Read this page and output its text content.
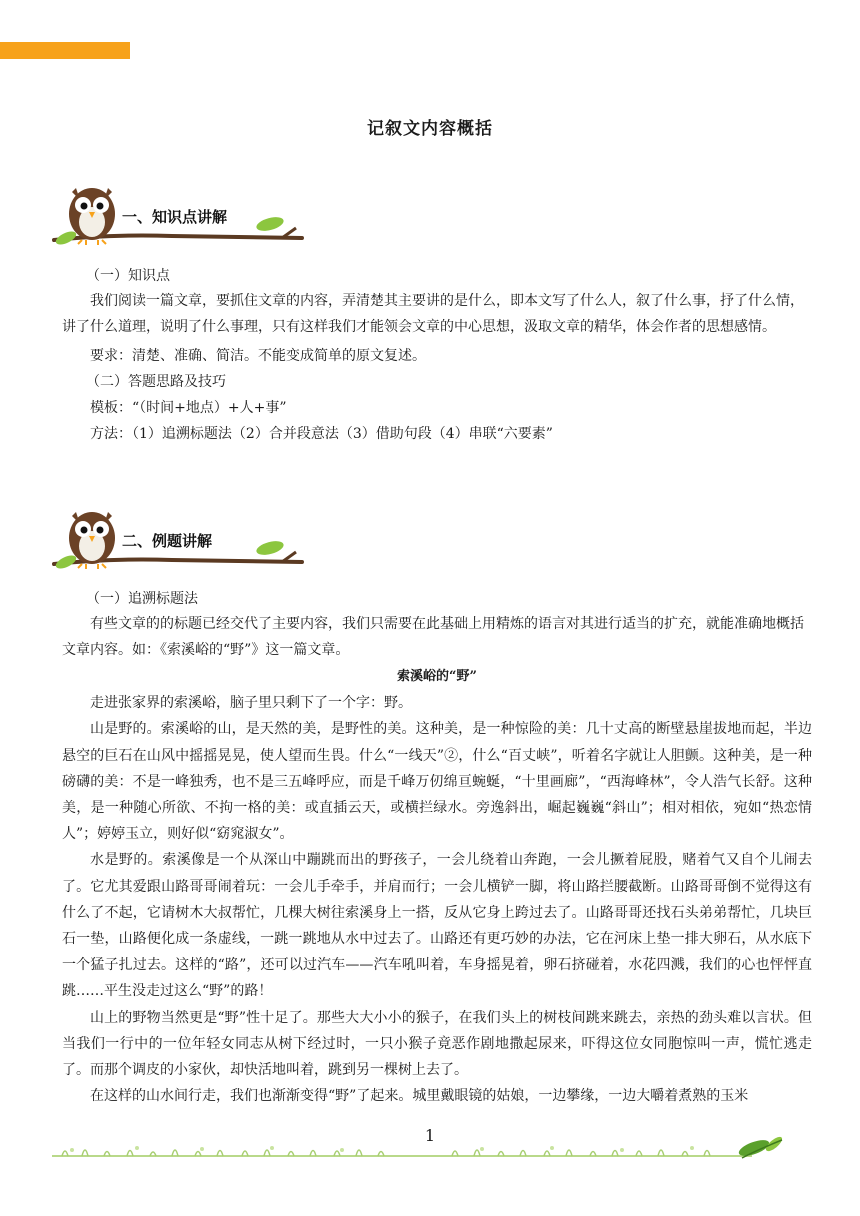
记叙文内容概括
一、知识点讲解

（一）知识点

我们阅读一篇文章，要抓住文章的内容，弄清楚其主要讲的是什么，即本文写了什么人，叙了什么事，抒了什么情，讲了什么道理，说明了什么事理，只有这样我们才能领会文章的中心思想，汲取文章的精华，体会作者的思想感情。

要求：清楚、准确、简洁。不能变成简单的原文复述。

（二）答题思路及技巧

模板：“（时间+地点）+人+事”

方法：（1）追溯标题法（2）合并段意法（3）借助句段（4）串联“六要素”

二、例题讲解

（一）追溯标题法

有些文章的的标题已经交代了主要内容，我们只需要在此基础上用精炼的语言对其进行适当的扩充，就能准确地概括文章内容。如：《索溪峪的“野”》这一篇文章。

索溪峪的“野”

走进张家界的索溪峪，脑子里只剩下了一个字：野。

山是野的。索溪峪的山，是天然的美，是野性的美。这种美，是一种惊险的美：几十丈高的断壁悬崖拔地而起，半边悬空的巨石在山风中摇摇晃晃，使人望而生畏。什么“一线天”②，什么“百丈峡”，听着名字就让人胆颤。这种美，是一种磅礴的美：不是一峰独秀，也不是三五峰呼应，而是千峰万仞绵亘蜿蜒，“十里画廊”，“西海峰林”，令人浩气长舒。这种美，是一种随心所欲、不拘一格的美：或直插云天，或横拦绿水。旁逸斜出，崛起巍巍“斜山”；相对相依，宛如“热恋情人”；婷婷玉立，则好似“窈窕淑女”。

水是野的。索溪像是一个从深山中蹦跳而出的野孩子，一会儿绕着山奔跑，一会儿撅着屁股，赌着气又自个儿闹去了。它尤其爱跟山路哥哥闹着玩：一会儿手牵手，并肩而行；一会儿横铲一脚，将山路拦腰截断。山路哥哥倒不觉得这有什么了不起，它请树木大叔帮忙，几棵大树往索溪身上一搭，反从它身上跨过去了。山路哥哥还找石头弟弟帮忙，几块巨石一垫，山路便化成一条虚线，一跳一跳地从水中过去了。山路还有更巧妙的办法，它在河床上垫一排大卵石，从水底下一个猛子扎过去。这样的“路”，还可以过汽车——汽车吼叫着，车身摇晃着，卵石挤碰着，水花四溅，我们的心也怦怦直跳……平生没走过这么“野”的路！

山上的野物当然更是“野”性十足了。那些大大小小的猴子，在我们头上的树枝间跳来跳去，亲热的劲头难以言状。但当我们一行中的一位年轻女同志从树下经过时，一只小猴子竟恶作剧地撒起尿来，吓得这位女同胞惊叫一声，慌忙逃走了。而那个调皮的小家伙，却快活地叫着，跳到另一棵树上去了。

在这样的山水间行走，我们也渐渐变得“野”了起来。城里戴眼镜的姑娘，一边攀缘，一边大嚼着煮熟的玉米

1
